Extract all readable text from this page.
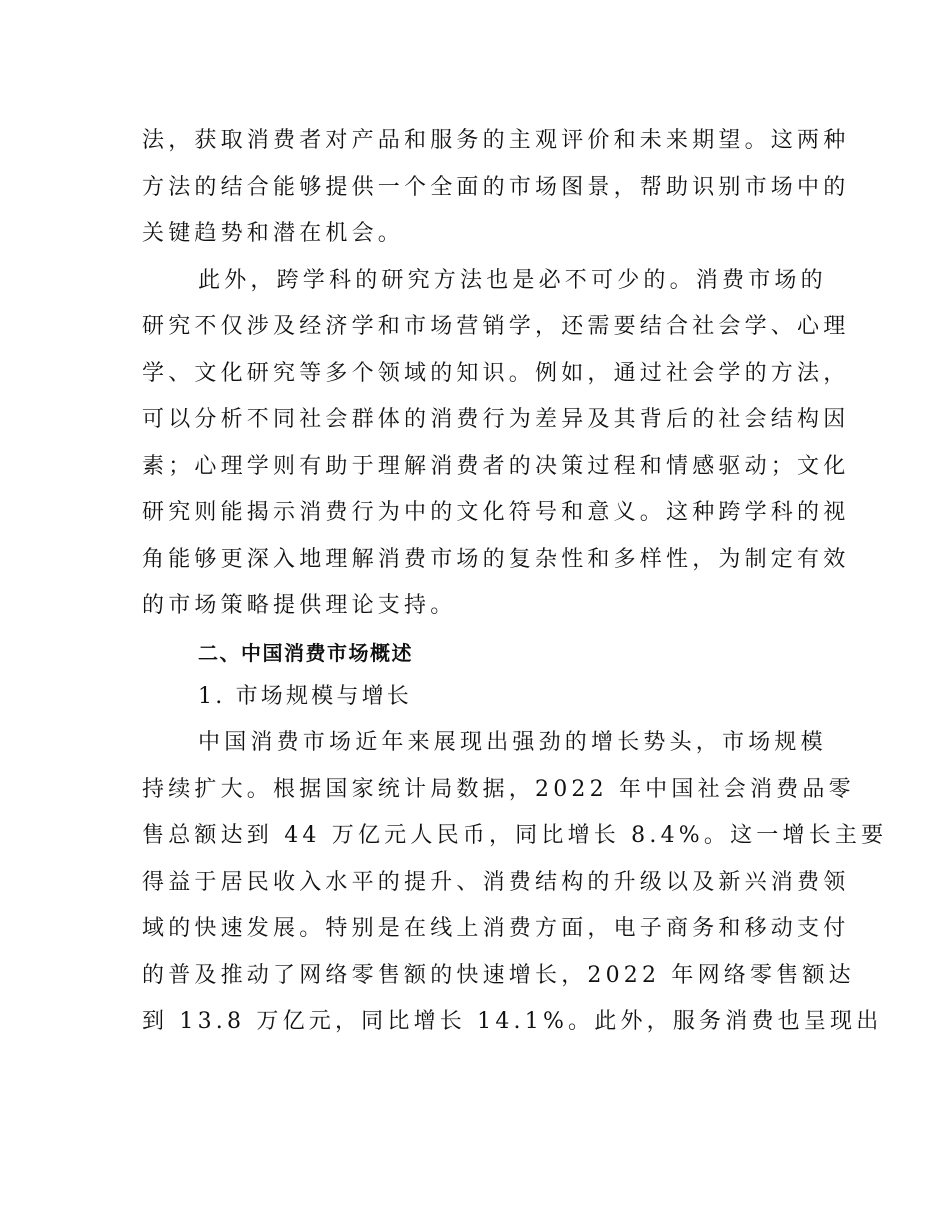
法，获取消费者对产品和服务的主观评价和未来期望。这两种
方法的结合能够提供一个全面的市场图景，帮助识别市场中的
关键趋势和潜在机会。
此外，跨学科的研究方法也是必不可少的。消费市场的
研究不仅涉及经济学和市场营销学，还需要结合社会学、心理
学、文化研究等多个领域的知识。例如，通过社会学的方法，
可以分析不同社会群体的消费行为差异及其背后的社会结构因
素；心理学则有助于理解消费者的决策过程和情感驱动；文化
研究则能揭示消费行为中的文化符号和意义。这种跨学科的视
角能够更深入地理解消费市场的复杂性和多样性，为制定有效
的市场策略提供理论支持。
二、中国消费市场概述
1. 市场规模与增长
中国消费市场近年来展现出强劲的增长势头，市场规模
持续扩大。根据国家统计局数据，2022 年中国社会消费品零
售总额达到 44 万亿元人民币，同比增长 8.4%。这一增长主要
得益于居民收入水平的提升、消费结构的升级以及新兴消费领
域的快速发展。特别是在线上消费方面，电子商务和移动支付
的普及推动了网络零售额的快速增长，2022 年网络零售额达
到 13.8 万亿元，同比增长 14.1%。此外，服务消费也呈现出
